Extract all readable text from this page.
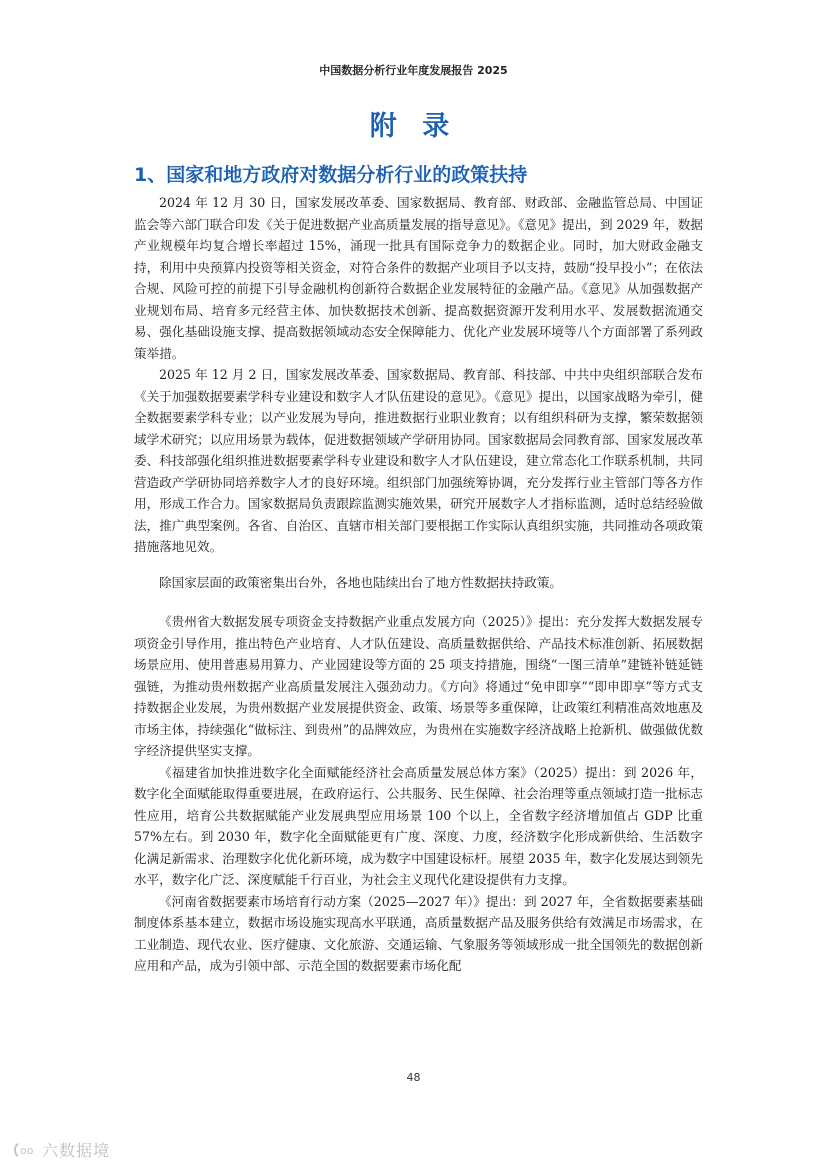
中国数据分析行业年度发展报告 2025
附 录
1、国家和地方政府对数据分析行业的政策扶持

2024 年 12 月 30 日，国家发展改革委、国家数据局、教育部、财政部、金融监管总局、中国证监会等六部门联合印发《关于促进数据产业高质量发展的指导意见》。《意见》提出，到 2029 年，数据产业规模年均复合增长率超过 15%，涌现一批具有国际竞争力的数据企业。同时，加大财政金融支持，利用中央预算内投资等相关资金，对符合条件的数据产业项目予以支持，鼓励“投早投小”；在依法合规、风险可控的前提下引导金融机构创新符合数据企业发展特征的金融产品。《意见》从加强数据产业规划布局、培育多元经营主体、加快数据技术创新、提高数据资源开发利用水平、发展数据流通交易、强化基础设施支撑、提高数据领域动态安全保障能力、优化产业发展环境等八个方面部署了系列政策举措。

2025 年 12 月 2 日，国家发展改革委、国家数据局、教育部、科技部、中共中央组织部联合发布《关于加强数据要素学科专业建设和数字人才队伍建设的意见》。《意见》提出，以国家战略为牵引，健全数据要素学科专业；以产业发展为导向，推进数据行业职业教育；以有组织科研为支撑，繁荣数据领域学术研究；以应用场景为载体，促进数据领域产学研用协同。国家数据局会同教育部、国家发展改革委、科技部强化组织推进数据要素学科专业建设和数字人才队伍建设，建立常态化工作联系机制，共同营造政产学研协同培养数字人才的良好环境。组织部门加强统筹协调，充分发挥行业主管部门等各方作用，形成工作合力。国家数据局负责跟踪监测实施效果，研究开展数字人才指标监测，适时总结经验做法，推广典型案例。各省、自治区、直辖市相关部门要根据工作实际认真组织实施，共同推动各项政策措施落地见效。

除国家层面的政策密集出台外，各地也陆续出台了地方性数据扶持政策。

《贵州省大数据发展专项资金支持数据产业重点发展方向（2025）》提出：充分发挥大数据发展专项资金引导作用，推出特色产业培育、人才队伍建设、高质量数据供给、产品技术标准创新、拓展数据场景应用、使用普惠易用算力、产业园建设等方面的 25 项支持措施，围绕“一图三清单”建链补链延链强链，为推动贵州数据产业高质量发展注入强劲动力。《方向》将通过“免申即享”“即申即享”等方式支持数据企业发展，为贵州数据产业发展提供资金、政策、场景等多重保障，让政策红利精准高效地惠及市场主体，持续强化“做标注、到贵州”的品牌效应，为贵州在实施数字经济战略上抢新机、做强做优数字经济提供坚实支撑。

《福建省加快推进数字化全面赋能经济社会高质量发展总体方案》（2025）提出：到 2026 年，数字化全面赋能取得重要进展，在政府运行、公共服务、民生保障、社会治理等重点领域打造一批标志性应用，培育公共数据赋能产业发展典型应用场景 100 个以上，全省数字经济增加值占 GDP 比重 57%左右。到 2030 年，数字化全面赋能更有广度、深度、力度，经济数字化形成新供给、生活数字化满足新需求、治理数字化优化新环境，成为数字中国建设标杆。展望 2035 年，数字化发展达到领先水平，数字化广泛、深度赋能千行百业，为社会主义现代化建设提供有力支撑。

《河南省数据要素市场培育行动方案（2025—2027 年）》提出：到 2027 年，全省数据要素基础制度体系基本建立，数据市场设施实现高水平联通，高质量数据产品及服务供给有效满足市场需求，在工业制造、现代农业、医疗健康、文化旅游、交通运输、气象服务等领域形成一批全国领先的数据创新应用和产品，成为引领中部、示范全国的数据要素市场化配

48
oo 六数据境
